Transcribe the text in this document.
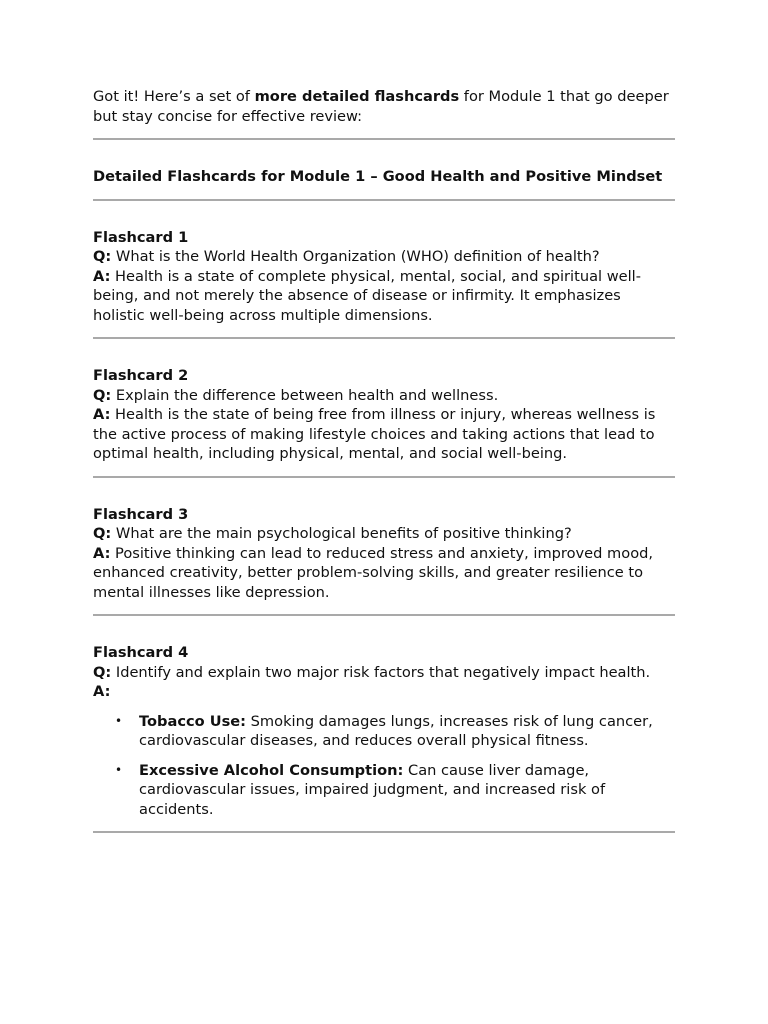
Got it! Here’s a set of more detailed flashcards for Module 1 that go deeper but stay concise for effective review:

Detailed Flashcards for Module 1 – Good Health and Positive Mindset

Flashcard 1

Q: What is the World Health Organization (WHO) definition of health?

A: Health is a state of complete physical, mental, social, and spiritual well-being, and not merely the absence of disease or infirmity. It emphasizes holistic well-being across multiple dimensions.

Flashcard 2

Q: Explain the difference between health and wellness.

A: Health is the state of being free from illness or injury, whereas wellness is the active process of making lifestyle choices and taking actions that lead to optimal health, including physical, mental, and social well-being.

Flashcard 3

Q: What are the main psychological benefits of positive thinking?

A: Positive thinking can lead to reduced stress and anxiety, improved mood, enhanced creativity, better problem-solving skills, and greater resilience to mental illnesses like depression.

Flashcard 4

Q: Identify and explain two major risk factors that negatively impact health.

A:

• Tobacco Use: Smoking damages lungs, increases risk of lung cancer, cardiovascular diseases, and reduces overall physical fitness.
• Excessive Alcohol Consumption: Can cause liver damage, cardiovascular issues, impaired judgment, and increased risk of accidents.
